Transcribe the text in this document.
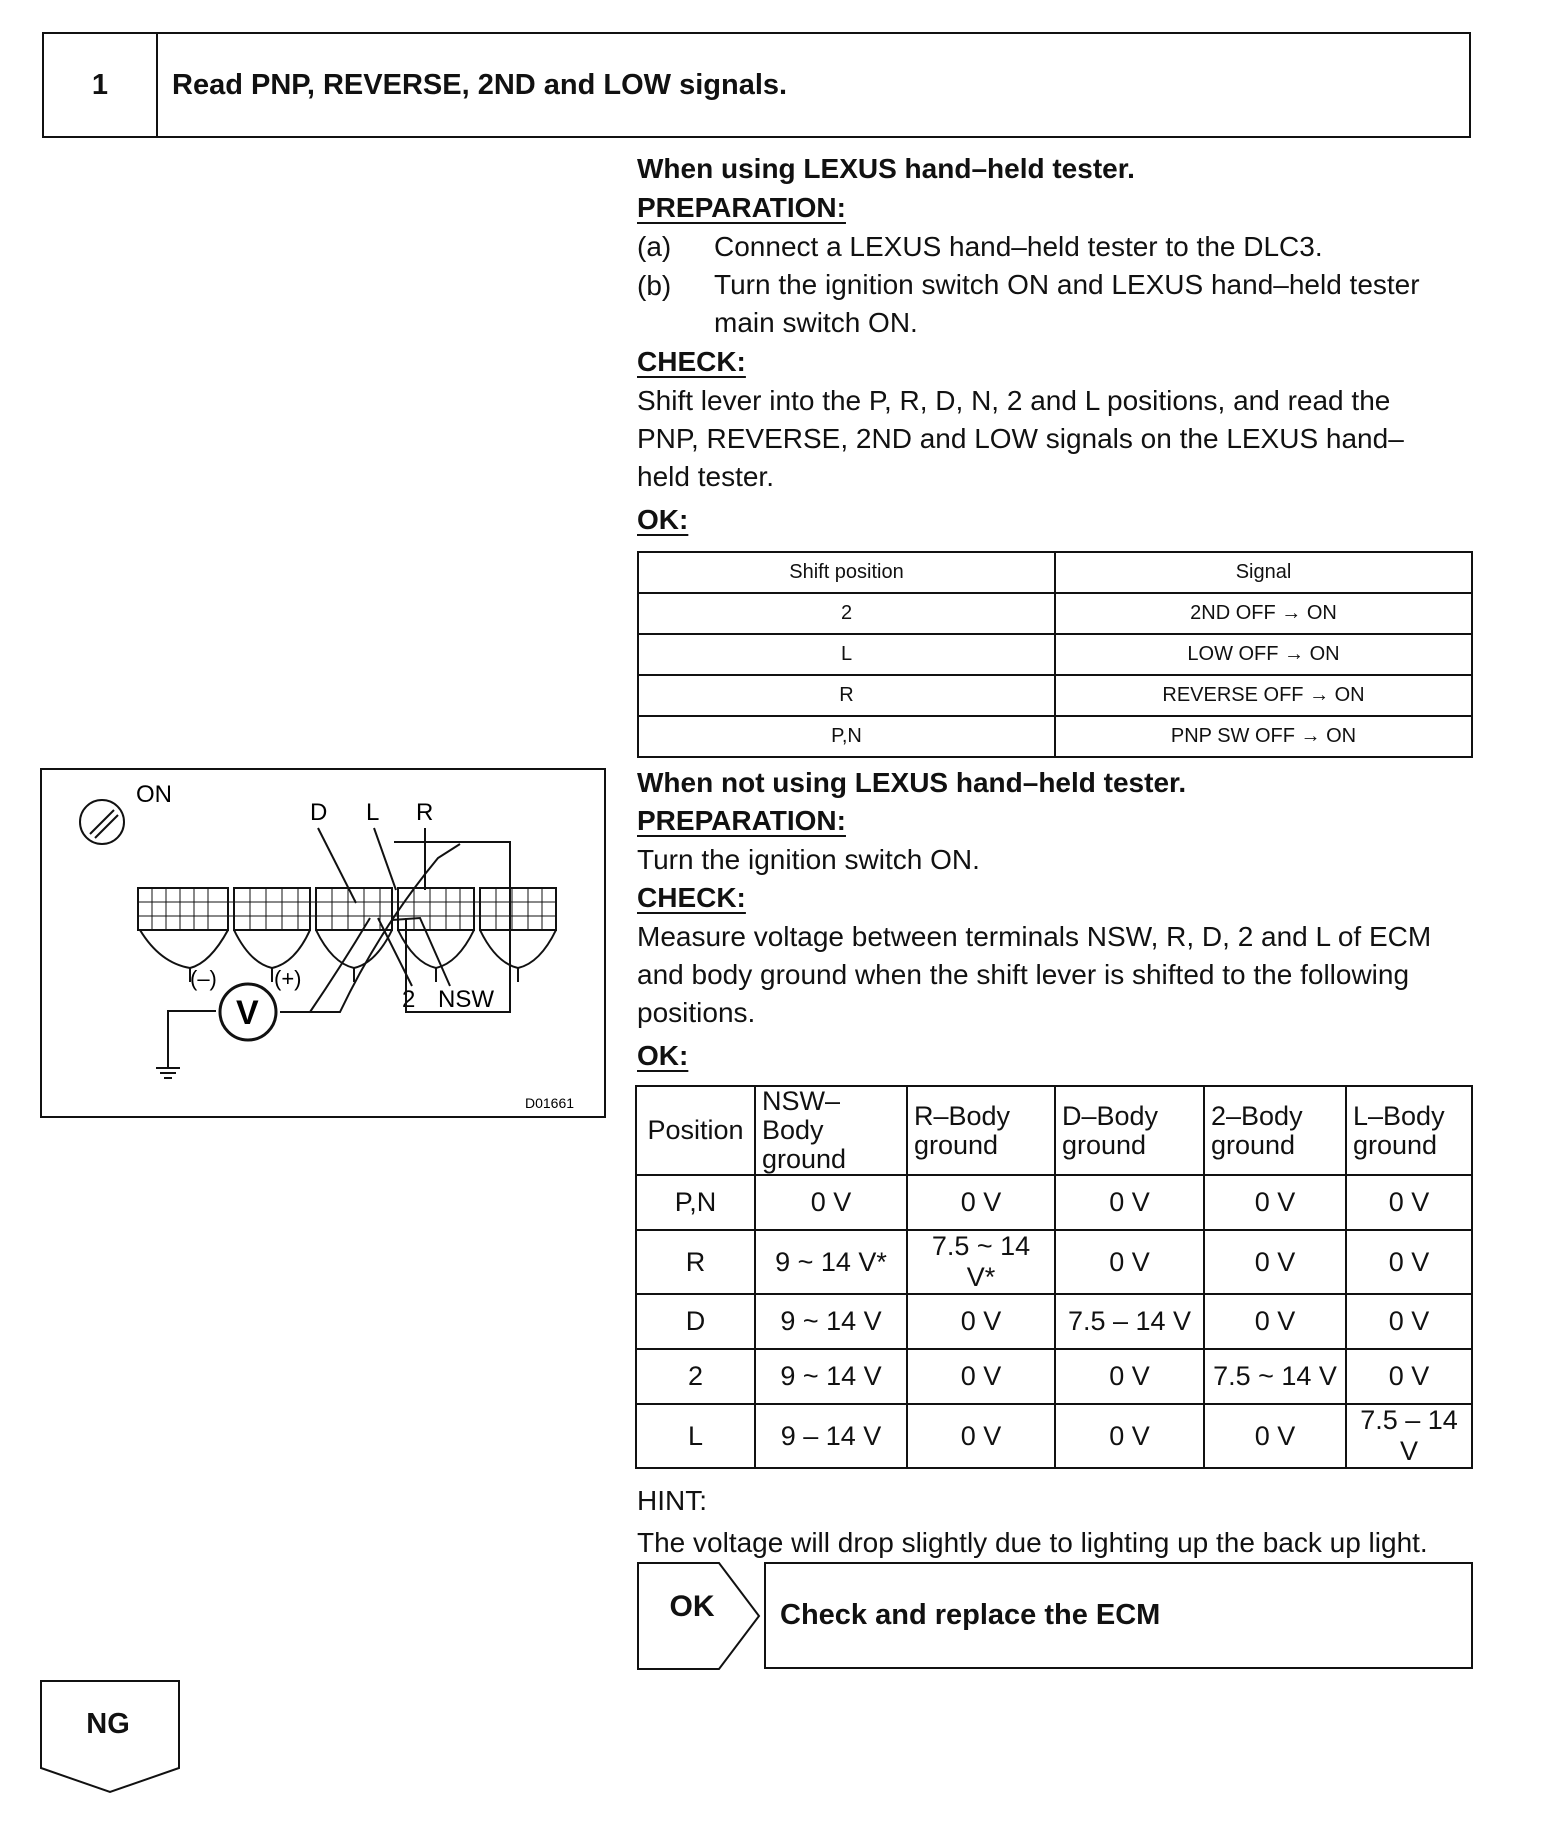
1	Read PNP, REVERSE, 2ND and LOW signals.
When using LEXUS hand–held tester.
PREPARATION:
(a) Connect a LEXUS hand–held tester to the DLC3.
(b) Turn the ignition switch ON and LEXUS hand–held tester
main switch ON.
CHECK:
Shift lever into the P, R, D, N, 2 and L positions, and read the
PNP, REVERSE, 2ND and LOW signals on the LEXUS hand–
held tester.
OK:
Shift position	Signal
2	2ND OFF → ON
L	LOW OFF → ON
R	REVERSE OFF → ON
P,N	PNP SW OFF → ON
When not using LEXUS hand–held tester.
PREPARATION:
Turn the ignition switch ON.
CHECK:
Measure voltage between terminals NSW, R, D, 2 and L of ECM
and body ground when the shift lever is shifted to the following
positions.
OK:
Position	NSW–Body ground	R–Body ground	D–Body ground	2–Body ground	L–Body ground
P,N	0 V	0 V	0 V	0 V	0 V
R	9 ~ 14 V*	7.5 ~ 14 V*	0 V	0 V	0 V
D	9 ~ 14 V	0 V	7.5 – 14 V	0 V	0 V
2	9 ~ 14 V	0 V	0 V	7.5 ~ 14 V	0 V
L	9 – 14 V	0 V	0 V	0 V	7.5 – 14 V
HINT:
The voltage will drop slightly due to lighting up the back up light.
ON
D L R
2 NSW
V
(–)	(+)
D01661
OK	Check and replace the ECM
NG
